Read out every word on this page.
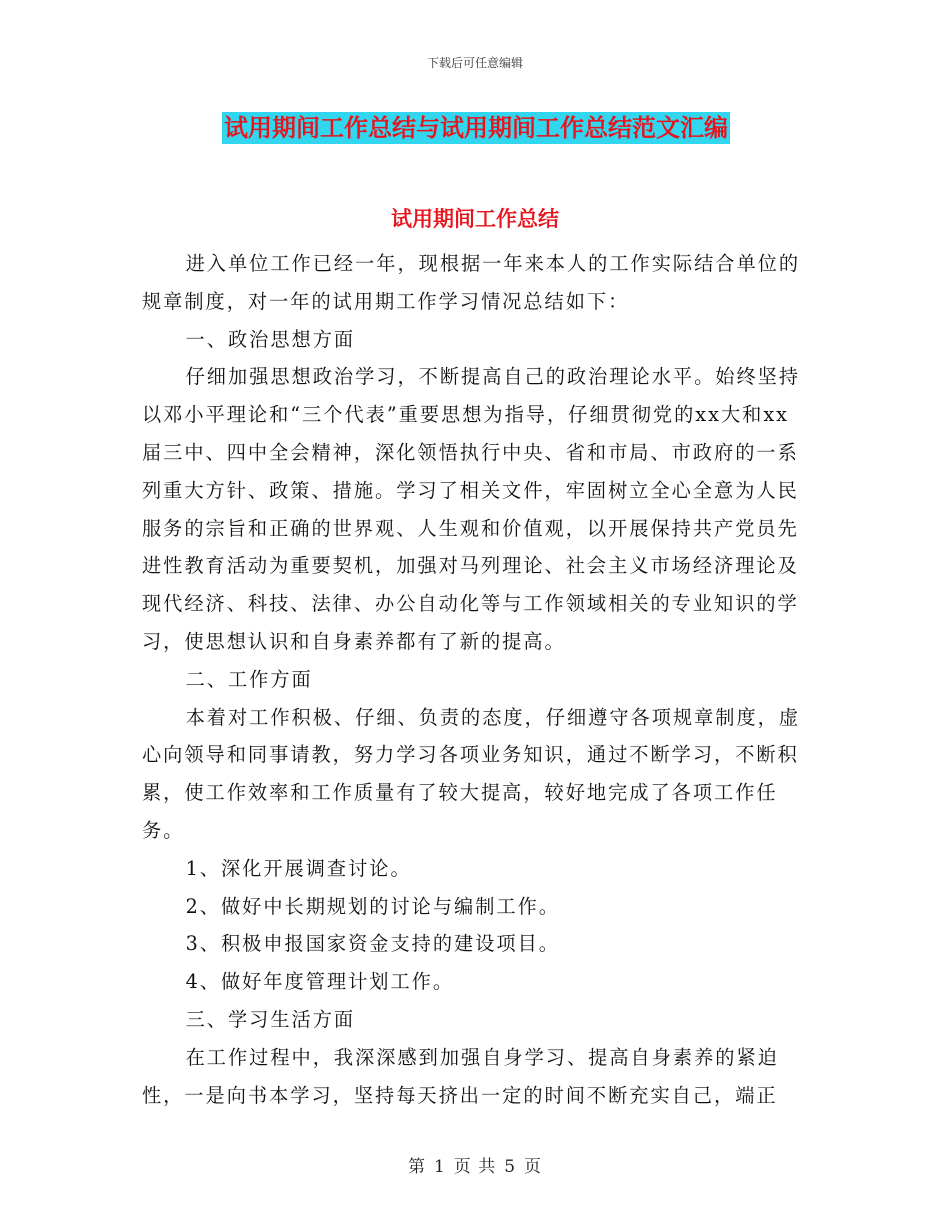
下载后可任意编辑
试用期间工作总结与试用期间工作总结范文汇编
试用期间工作总结

进入单位工作已经一年，现根据一年来本人的工作实际结合单位的规章制度，对一年的试用期工作学习情况总结如下：

一、政治思想方面

仔细加强思想政治学习，不断提高自己的政治理论水平。始终坚持以邓小平理论和“三个代表”重要思想为指导，仔细贯彻党的xx大和xx届三中、四中全会精神，深化领悟执行中央、省和市局、市政府的一系列重大方针、政策、措施。学习了相关文件，牢固树立全心全意为人民服务的宗旨和正确的世界观、人生观和价值观，以开展保持共产党员先进性教育活动为重要契机，加强对马列理论、社会主义市场经济理论及现代经济、科技、法律、办公自动化等与工作领域相关的专业知识的学习，使思想认识和自身素养都有了新的提高。

二、工作方面

本着对工作积极、仔细、负责的态度，仔细遵守各项规章制度，虚心向领导和同事请教，努力学习各项业务知识，通过不断学习，不断积累，使工作效率和工作质量有了较大提高，较好地完成了各项工作任务。

1、深化开展调查讨论。

2、做好中长期规划的讨论与编制工作。

3、积极申报国家资金支持的建设项目。

4、做好年度管理计划工作。

三、学习生活方面

在工作过程中，我深深感到加强自身学习、提高自身素养的紧迫性，一是向书本学习，坚持每天挤出一定的时间不断充实自己，端正

第 1 页 共 5 页
